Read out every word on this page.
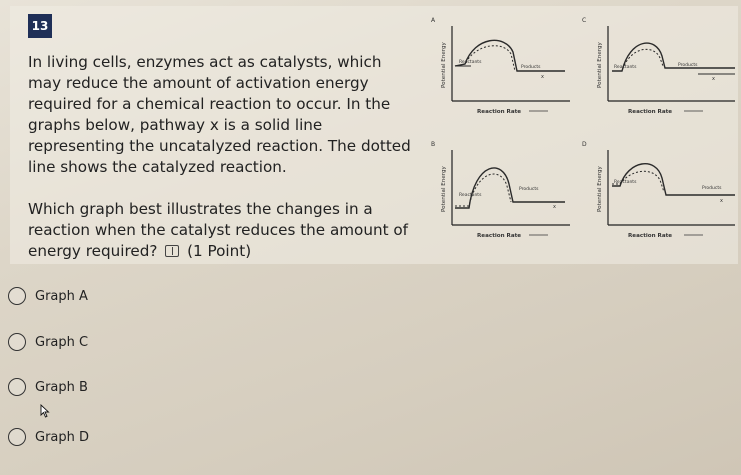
13

In living cells, enzymes act as catalysts, which may reduce the amount of activation energy required for a chemical reaction to occur. In the graphs below, pathway x is a solid line representing the uncatalyzed reaction. The dotted line shows the catalyzed reaction.

Which graph best illustrates the changes in a reaction when the catalyst reduces the amount of energy required? (1 Point)
A
Potential Energy
Reaction Rate
Reactants
Products
x
C
Potential Energy
Reaction Rate
Reactants	Products
x
B
Potential Energy
Reaction Rate
Reactants
Products
x
D
Potential Energy
Reaction Rate
Reactants
Products
x
Graph A
Graph C
Graph B
Graph D
